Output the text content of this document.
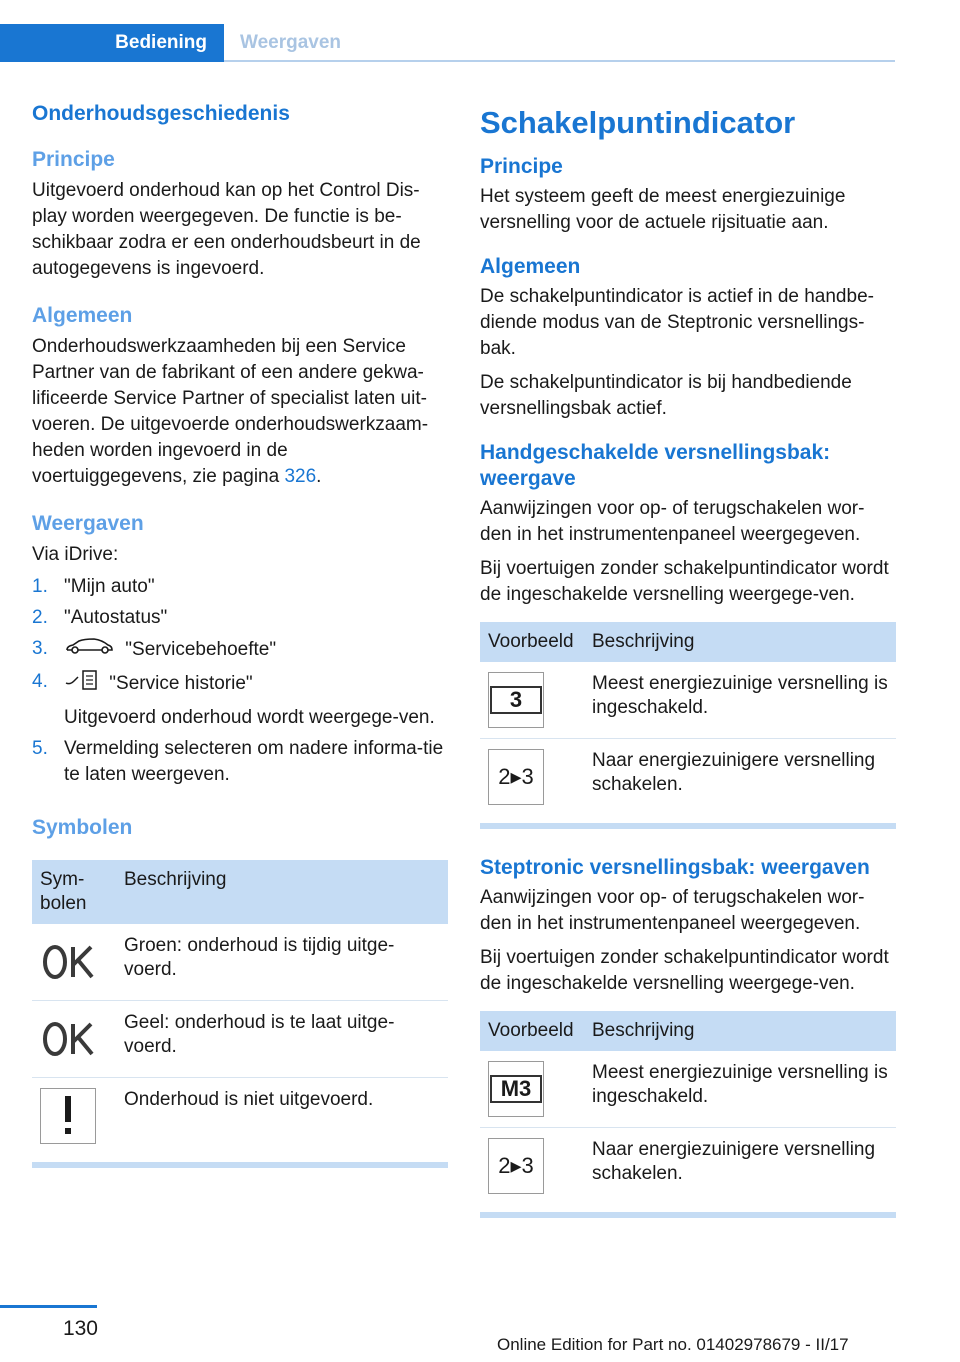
Bediening	Weergaven
Onderhoudsgeschiedenis
Principe

Uitgevoerd onderhoud kan op het Control Dis-play worden weergegeven. De functie is be-schikbaar zodra er een onderhoudsbeurt in de autogegevens is ingevoerd.

Algemeen

Onderhoudswerkzaamheden bij een Service Partner van de fabrikant of een andere gekwa-lificeerde Service Partner of specialist laten uit-voeren. De uitgevoerde onderhoudswerkzaam-heden worden ingevoerd in de voertuiggegevens, zie pagina 326.

Weergaven

Via iDrive:

1. "Mijn auto"
2. "Autostatus"
3.	"Servicebehoefte"
4.	"Service historie"
Uitgevoerd onderhoud wordt weergege-ven.
5. Vermelding selecteren om nadere informa-tie te laten weergeven.
Symbolen
Sym-bolen	Beschrijving

	Groen: onderhoud is tijdig uitge-voerd.

	Geel: onderhoud is te laat uitge-voerd.

	Onderhoud is niet uitgevoerd.
Schakelpuntindicator
Principe

Het systeem geeft de meest energiezuinige versnelling voor de actuele rijsituatie aan.

Algemeen

De schakelpuntindicator is actief in de handbe-diende modus van de Steptronic versnellings-bak.

De schakelpuntindicator is bij handbediende versnellingsbak actief.

Handgeschakelde versnellingsbak: weergave

Aanwijzingen voor op- of terugschakelen wor-den in het instrumentenpaneel weergegeven.

Bij voertuigen zonder schakelpuntindicator wordt de ingeschakelde versnelling weergege-ven.

Voorbeeld	Beschrijving

3	Meest energiezuinige versnelling is ingeschakeld.

2▸3	Naar energiezuinigere versnelling schakelen.
Steptronic versnellingsbak: weergaven

Aanwijzingen voor op- of terugschakelen wor-den in het instrumentenpaneel weergegeven.

Bij voertuigen zonder schakelpuntindicator wordt de ingeschakelde versnelling weergege-ven.

Voorbeeld	Beschrijving

M3	Meest energiezuinige versnelling is ingeschakeld.

2▸3	Naar energiezuinigere versnelling schakelen.
130
Online Edition for Part no. 01402978679 - II/17
